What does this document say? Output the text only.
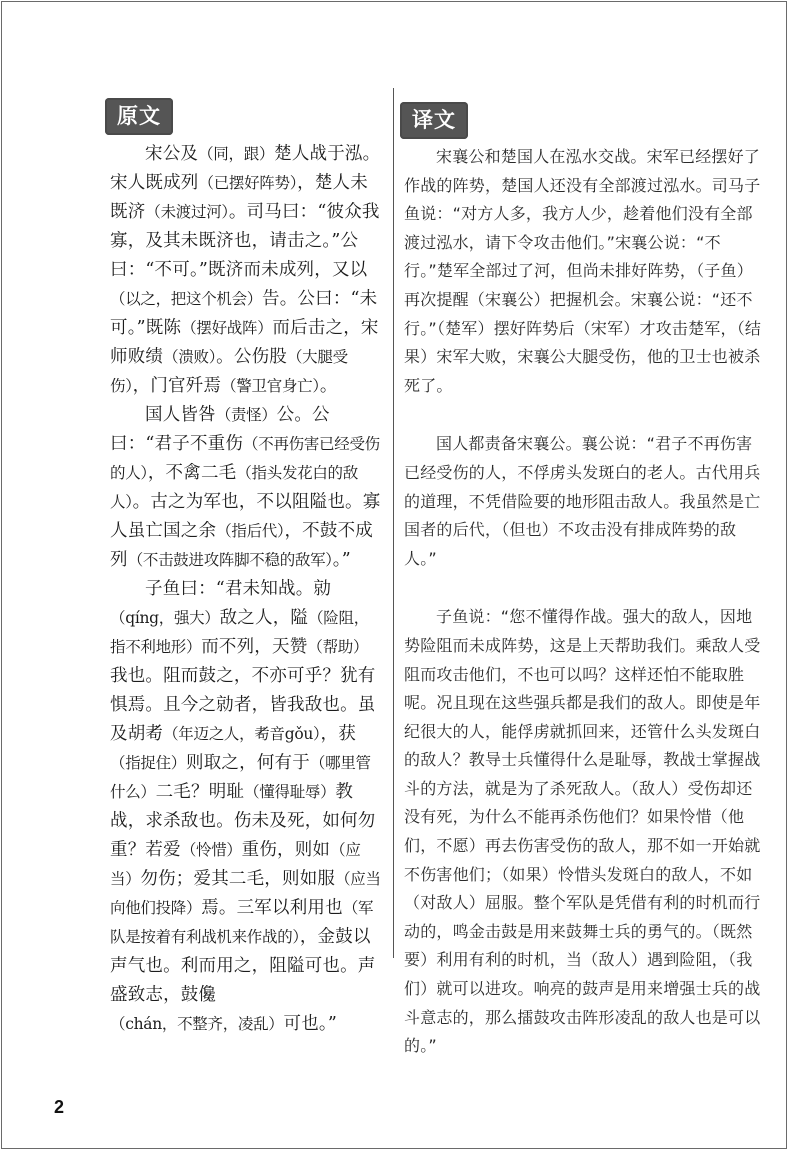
原文	译文

宋公及（同，跟）楚人战于泓。宋人既成列（已摆好阵势），楚人未既济（未渡过河）。司马曰：“彼众我寡，及其未既济也，请击之。”公曰：“不可。”既济而未成列，又以（以之，把这个机会）告。公曰：“未可。”既陈（摆好战阵）而后击之，宋师败绩（溃败）。公伤股（大腿受伤），门官歼焉（警卫官身亡）。

国人皆咎（责怪）公。公曰：“君子不重伤（不再伤害已经受伤的人），不禽二毛（指头发花白的敌人）。古之为军也，不以阻隘也。寡人虽亡国之余（指后代），不鼓不成列（不击鼓进攻阵脚不稳的敌军）。”

子鱼曰：“君未知战。勍（qíng，强大）敌之人，隘（险阻，指不利地形）而不列，天赞（帮助）我也。阻而鼓之，不亦可乎？犹有惧焉。且今之勍者，皆我敌也。虽及胡耇（年迈之人，耇音gǒu），获（指捉住）则取之，何有于（哪里管什么）二毛？明耻（懂得耻辱）教战，求杀敌也。伤未及死，如何勿重？若爱（怜惜）重伤，则如（应当）勿伤；爱其二毛，则如服（应当向他们投降）焉。三军以利用也（军队是按着有利战机来作战的），金鼓以声气也。利而用之，阻隘可也。声盛致志，鼓儳（chán，不整齐，凌乱）可也。”

宋襄公和楚国人在泓水交战。宋军已经摆好了作战的阵势，楚国人还没有全部渡过泓水。司马子鱼说：“对方人多，我方人少，趁着他们没有全部渡过泓水，请下令攻击他们。”宋襄公说：“不行。”楚军全部过了河，但尚未排好阵势，（子鱼）再次提醒（宋襄公）把握机会。宋襄公说：“还不行。”（楚军）摆好阵势后（宋军）才攻击楚军，（结果）宋军大败，宋襄公大腿受伤，他的卫士也被杀死了。

国人都责备宋襄公。襄公说：“君子不再伤害已经受伤的人，不俘虏头发斑白的老人。古代用兵的道理，不凭借险要的地形阻击敌人。我虽然是亡国者的后代，（但也）不攻击没有排成阵势的敌人。”

子鱼说：“您不懂得作战。强大的敌人，因地势险阻而未成阵势，这是上天帮助我们。乘敌人受阻而攻击他们，不也可以吗？这样还怕不能取胜呢。况且现在这些强兵都是我们的敌人。即使是年纪很大的人，能俘虏就抓回来，还管什么头发斑白的敌人？教导士兵懂得什么是耻辱，教战士掌握战斗的方法，就是为了杀死敌人。（敌人）受伤却还没有死，为什么不能再杀伤他们？如果怜惜（他们，不愿）再去伤害受伤的敌人，那不如一开始就不伤害他们；（如果）怜惜头发斑白的敌人，不如（对敌人）屈服。整个军队是凭借有利的时机而行动的，鸣金击鼓是用来鼓舞士兵的勇气的。（既然要）利用有利的时机，当（敌人）遇到险阻，（我们）就可以进攻。响亮的鼓声是用来增强士兵的战斗意志的，那么擂鼓攻击阵形凌乱的敌人也是可以的。”

2
